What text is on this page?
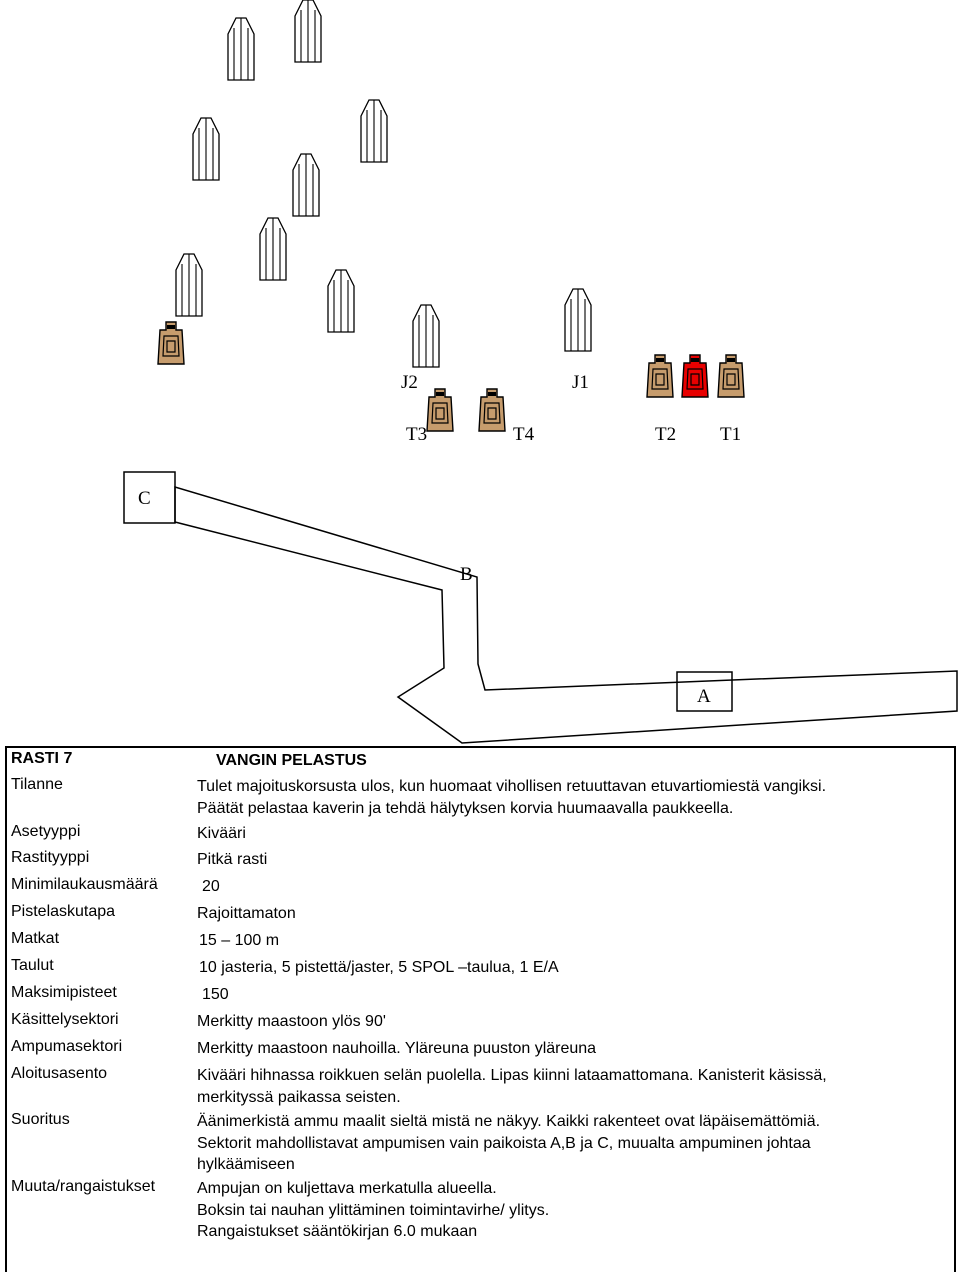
J2	J1
T3	T4	T2 T1
C
B
A
RASTI 7	VANGIN PELASTUS
Tilanne	Tulet majoituskorsusta ulos, kun huomaat vihollisen retuuttavan etuvartiomiestä vangiksi.
Päätät pelastaa kaverin ja tehdä hälytyksen korvia huumaavalla paukkeella.
Asetyyppi	Kivääri
Rastityyppi	Pitkä rasti
Minimilaukausmäärä	20
Pistelaskutapa	Rajoittamaton
Matkat	15 – 100 m
Taulut	10 jasteria, 5 pistettä/jaster, 5 SPOL –taulua, 1 E/A
Maksimipisteet	150
Käsittelysektori	Merkitty maastoon ylös 90'
Ampumasektori	Merkitty maastoon nauhoilla. Yläreuna puuston yläreuna
Aloitusasento	Kivääri hihnassa roikkuen selän puolella. Lipas kiinni lataamattomana. Kanisterit käsissä,
merkityssä paikassa seisten.
Suoritus	Äänimerkistä ammu maalit sieltä mistä ne näkyy. Kaikki rakenteet ovat läpäisemättömiä.
Sektorit mahdollistavat ampumisen vain paikoista A,B ja C, muualta ampuminen johtaa
hylkäämiseen
Muuta/rangaistukset	Ampujan on kuljettava merkatulla alueella.
Boksin tai nauhan ylittäminen toimintavirhe/ ylitys.
Rangaistukset sääntökirjan 6.0 mukaan
